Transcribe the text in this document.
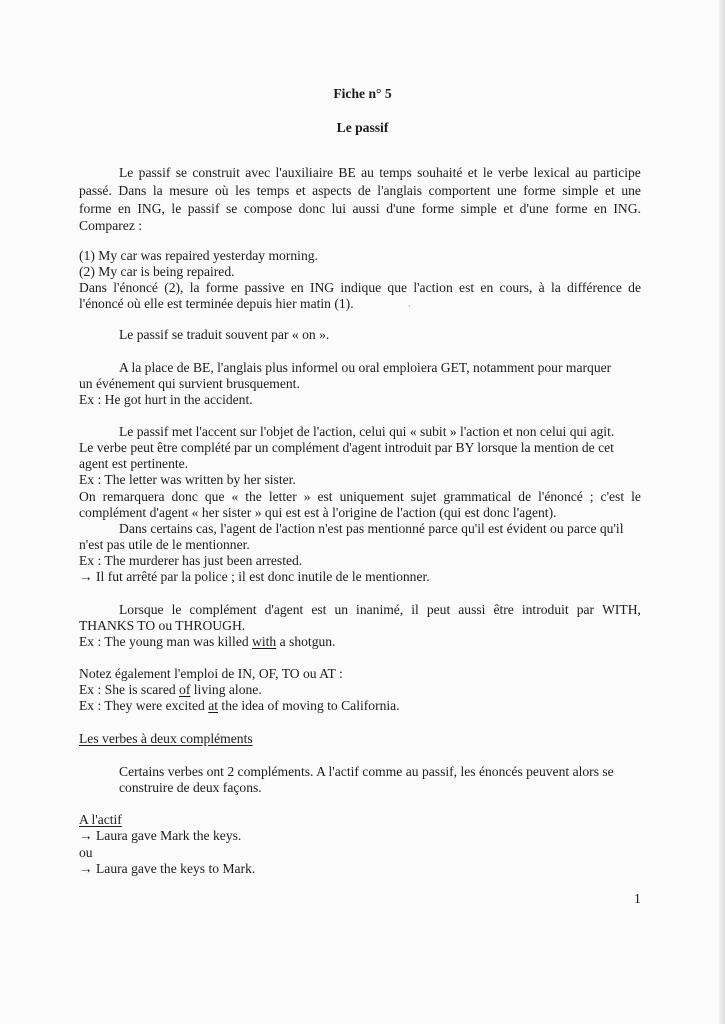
Fiche n° 5
Le passif
Le passif se construit avec l'auxiliaire BE au temps souhaité et le verbe lexical au participe
passé. Dans la mesure où les temps et aspects de l'anglais comportent une forme simple et une
forme en ING, le passif se compose donc lui aussi d'une forme simple et d'une forme en ING.
Comparez :
(1) My car was repaired yesterday morning.
(2) My car is being repaired.
Dans l'énoncé (2), la forme passive en ING indique que l'action est en cours, à la différence de
l'énoncé où elle est terminée depuis hier matin (1).	`
Le passif se traduit souvent par « on ».
A la place de BE, l'anglais plus informel ou oral emploiera GET, notamment pour marquer
un événement qui survient brusquement.
Ex : He got hurt in the accident.
Le passif met l'accent sur l'objet de l'action, celui qui « subit » l'action et non celui qui agit.
Le verbe peut être complété par un complément d'agent introduit par BY lorsque la mention de cet
agent est pertinente.
Ex : The letter was written by her sister.
On remarquera donc que « the letter » est uniquement sujet grammatical de l'énoncé ; c'est le
complément d'agent « her sister » qui est est à l'origine de l'action (qui est donc l'agent).
Dans certains cas, l'agent de l'action n'est pas mentionné parce qu'il est évident ou parce qu'il
n'est pas utile de le mentionner.
Ex : The murderer has just been arrested.
→ Il fut arrêté par la police ; il est donc inutile de le mentionner.
Lorsque le complément d'agent est un inanimé, il peut aussi être introduit par WITH,
THANKS TO ou THROUGH.
Ex : The young man was killed with a shotgun.
Notez également l'emploi de IN, OF, TO ou AT :
Ex : She is scared of living alone.
Ex : They were excited at the idea of moving to California.
Les verbes à deux compléments
Certains verbes ont 2 compléments. A l'actif comme au passif, les énoncés peuvent alors se
construire de deux façons.
A l'actif
→ Laura gave Mark the keys.
ou
→ Laura gave the keys to Mark.
1
